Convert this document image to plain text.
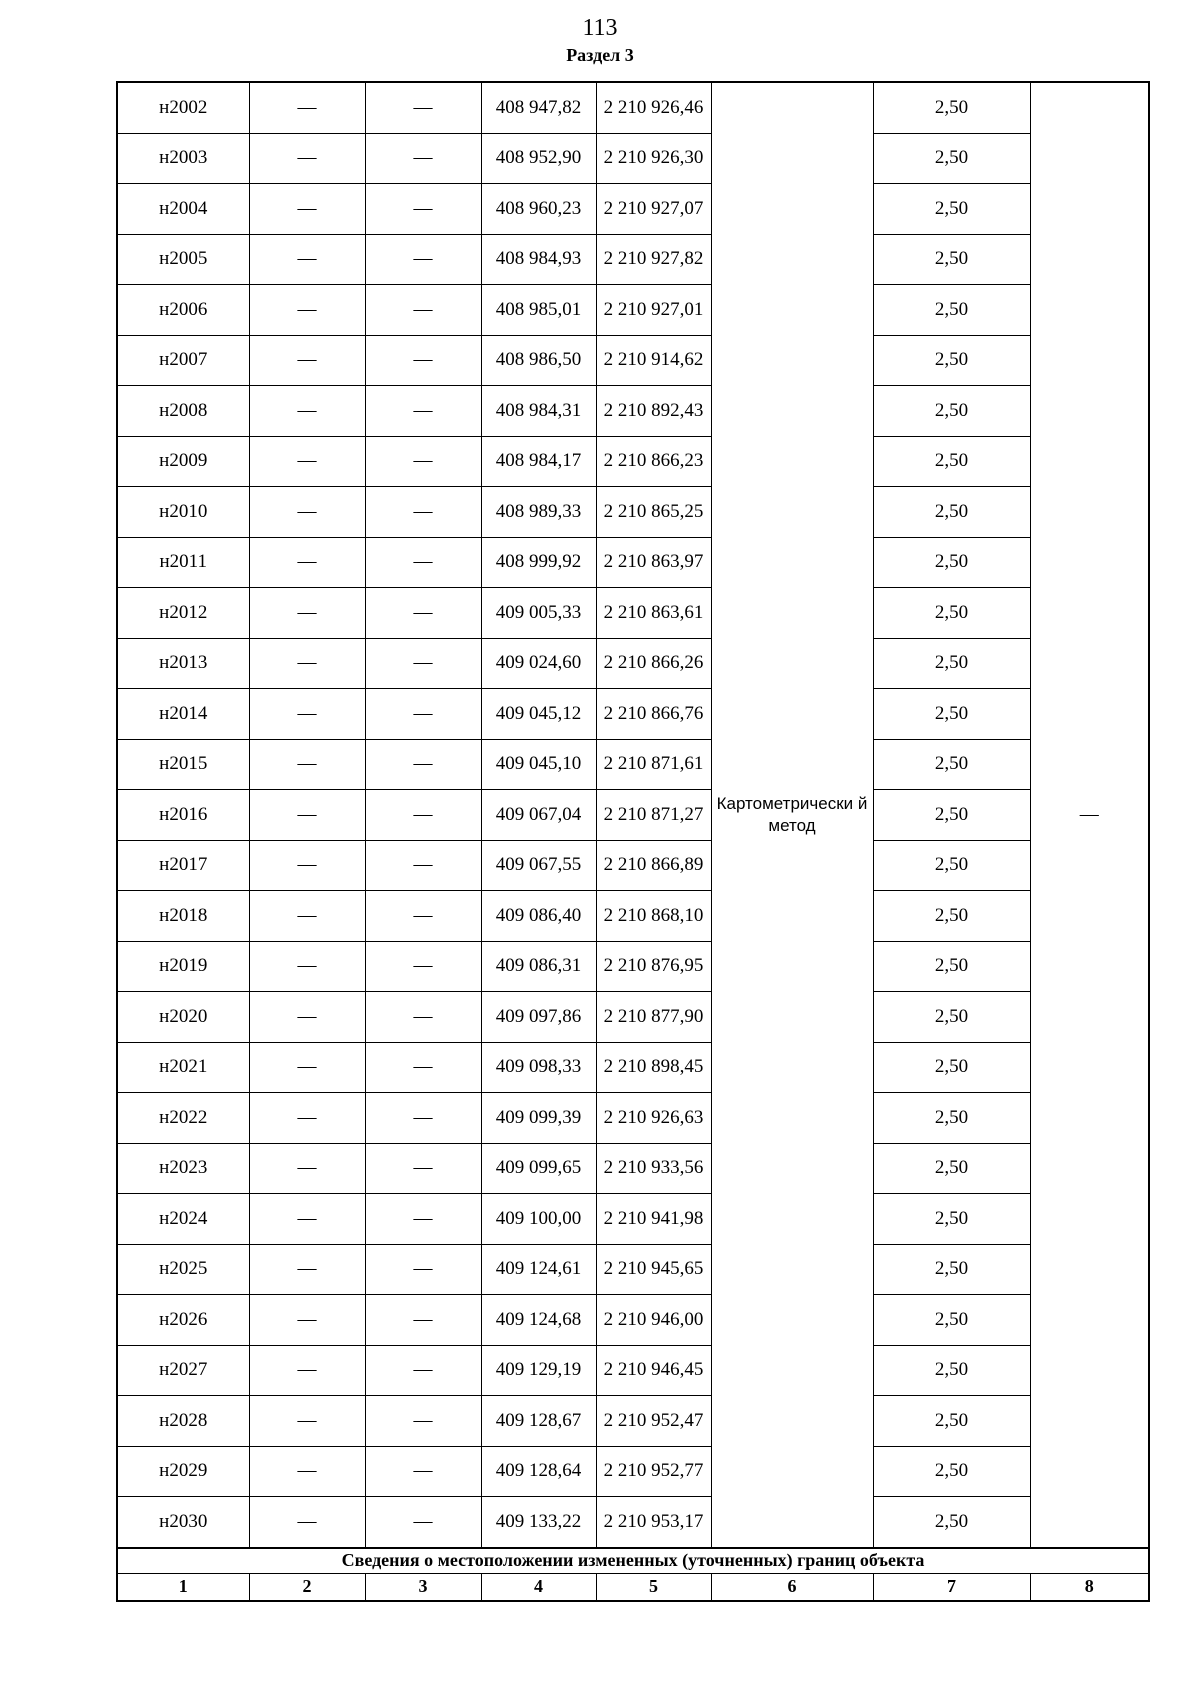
113
Раздел 3
н2002	—	—	408 947,82	2 210 926,46	Картометрически й метод	2,50	—
н2003	—	—	408 952,90	2 210 926,30		2,50	
н2004	—	—	408 960,23	2 210 927,07		2,50	
н2005	—	—	408 984,93	2 210 927,82		2,50	
н2006	—	—	408 985,01	2 210 927,01		2,50	
н2007	—	—	408 986,50	2 210 914,62		2,50	
н2008	—	—	408 984,31	2 210 892,43		2,50	
н2009	—	—	408 984,17	2 210 866,23		2,50	
н2010	—	—	408 989,33	2 210 865,25		2,50	
н2011	—	—	408 999,92	2 210 863,97		2,50	
н2012	—	—	409 005,33	2 210 863,61		2,50	
н2013	—	—	409 024,60	2 210 866,26		2,50	
н2014	—	—	409 045,12	2 210 866,76		2,50	
н2015	—	—	409 045,10	2 210 871,61		2,50	
н2016	—	—	409 067,04	2 210 871,27		2,50	
н2017	—	—	409 067,55	2 210 866,89		2,50	
н2018	—	—	409 086,40	2 210 868,10		2,50	
н2019	—	—	409 086,31	2 210 876,95		2,50	
н2020	—	—	409 097,86	2 210 877,90		2,50	
н2021	—	—	409 098,33	2 210 898,45		2,50	
н2022	—	—	409 099,39	2 210 926,63		2,50	
н2023	—	—	409 099,65	2 210 933,56		2,50	
н2024	—	—	409 100,00	2 210 941,98		2,50	
н2025	—	—	409 124,61	2 210 945,65		2,50	
н2026	—	—	409 124,68	2 210 946,00		2,50	
н2027	—	—	409 129,19	2 210 946,45		2,50	
н2028	—	—	409 128,67	2 210 952,47		2,50	
н2029	—	—	409 128,64	2 210 952,77		2,50	
н2030	—	—	409 133,22	2 210 953,17		2,50	
Сведения о местоположении измененных (уточненных) границ объекта							
1	2	3	4	5	6	7	8
